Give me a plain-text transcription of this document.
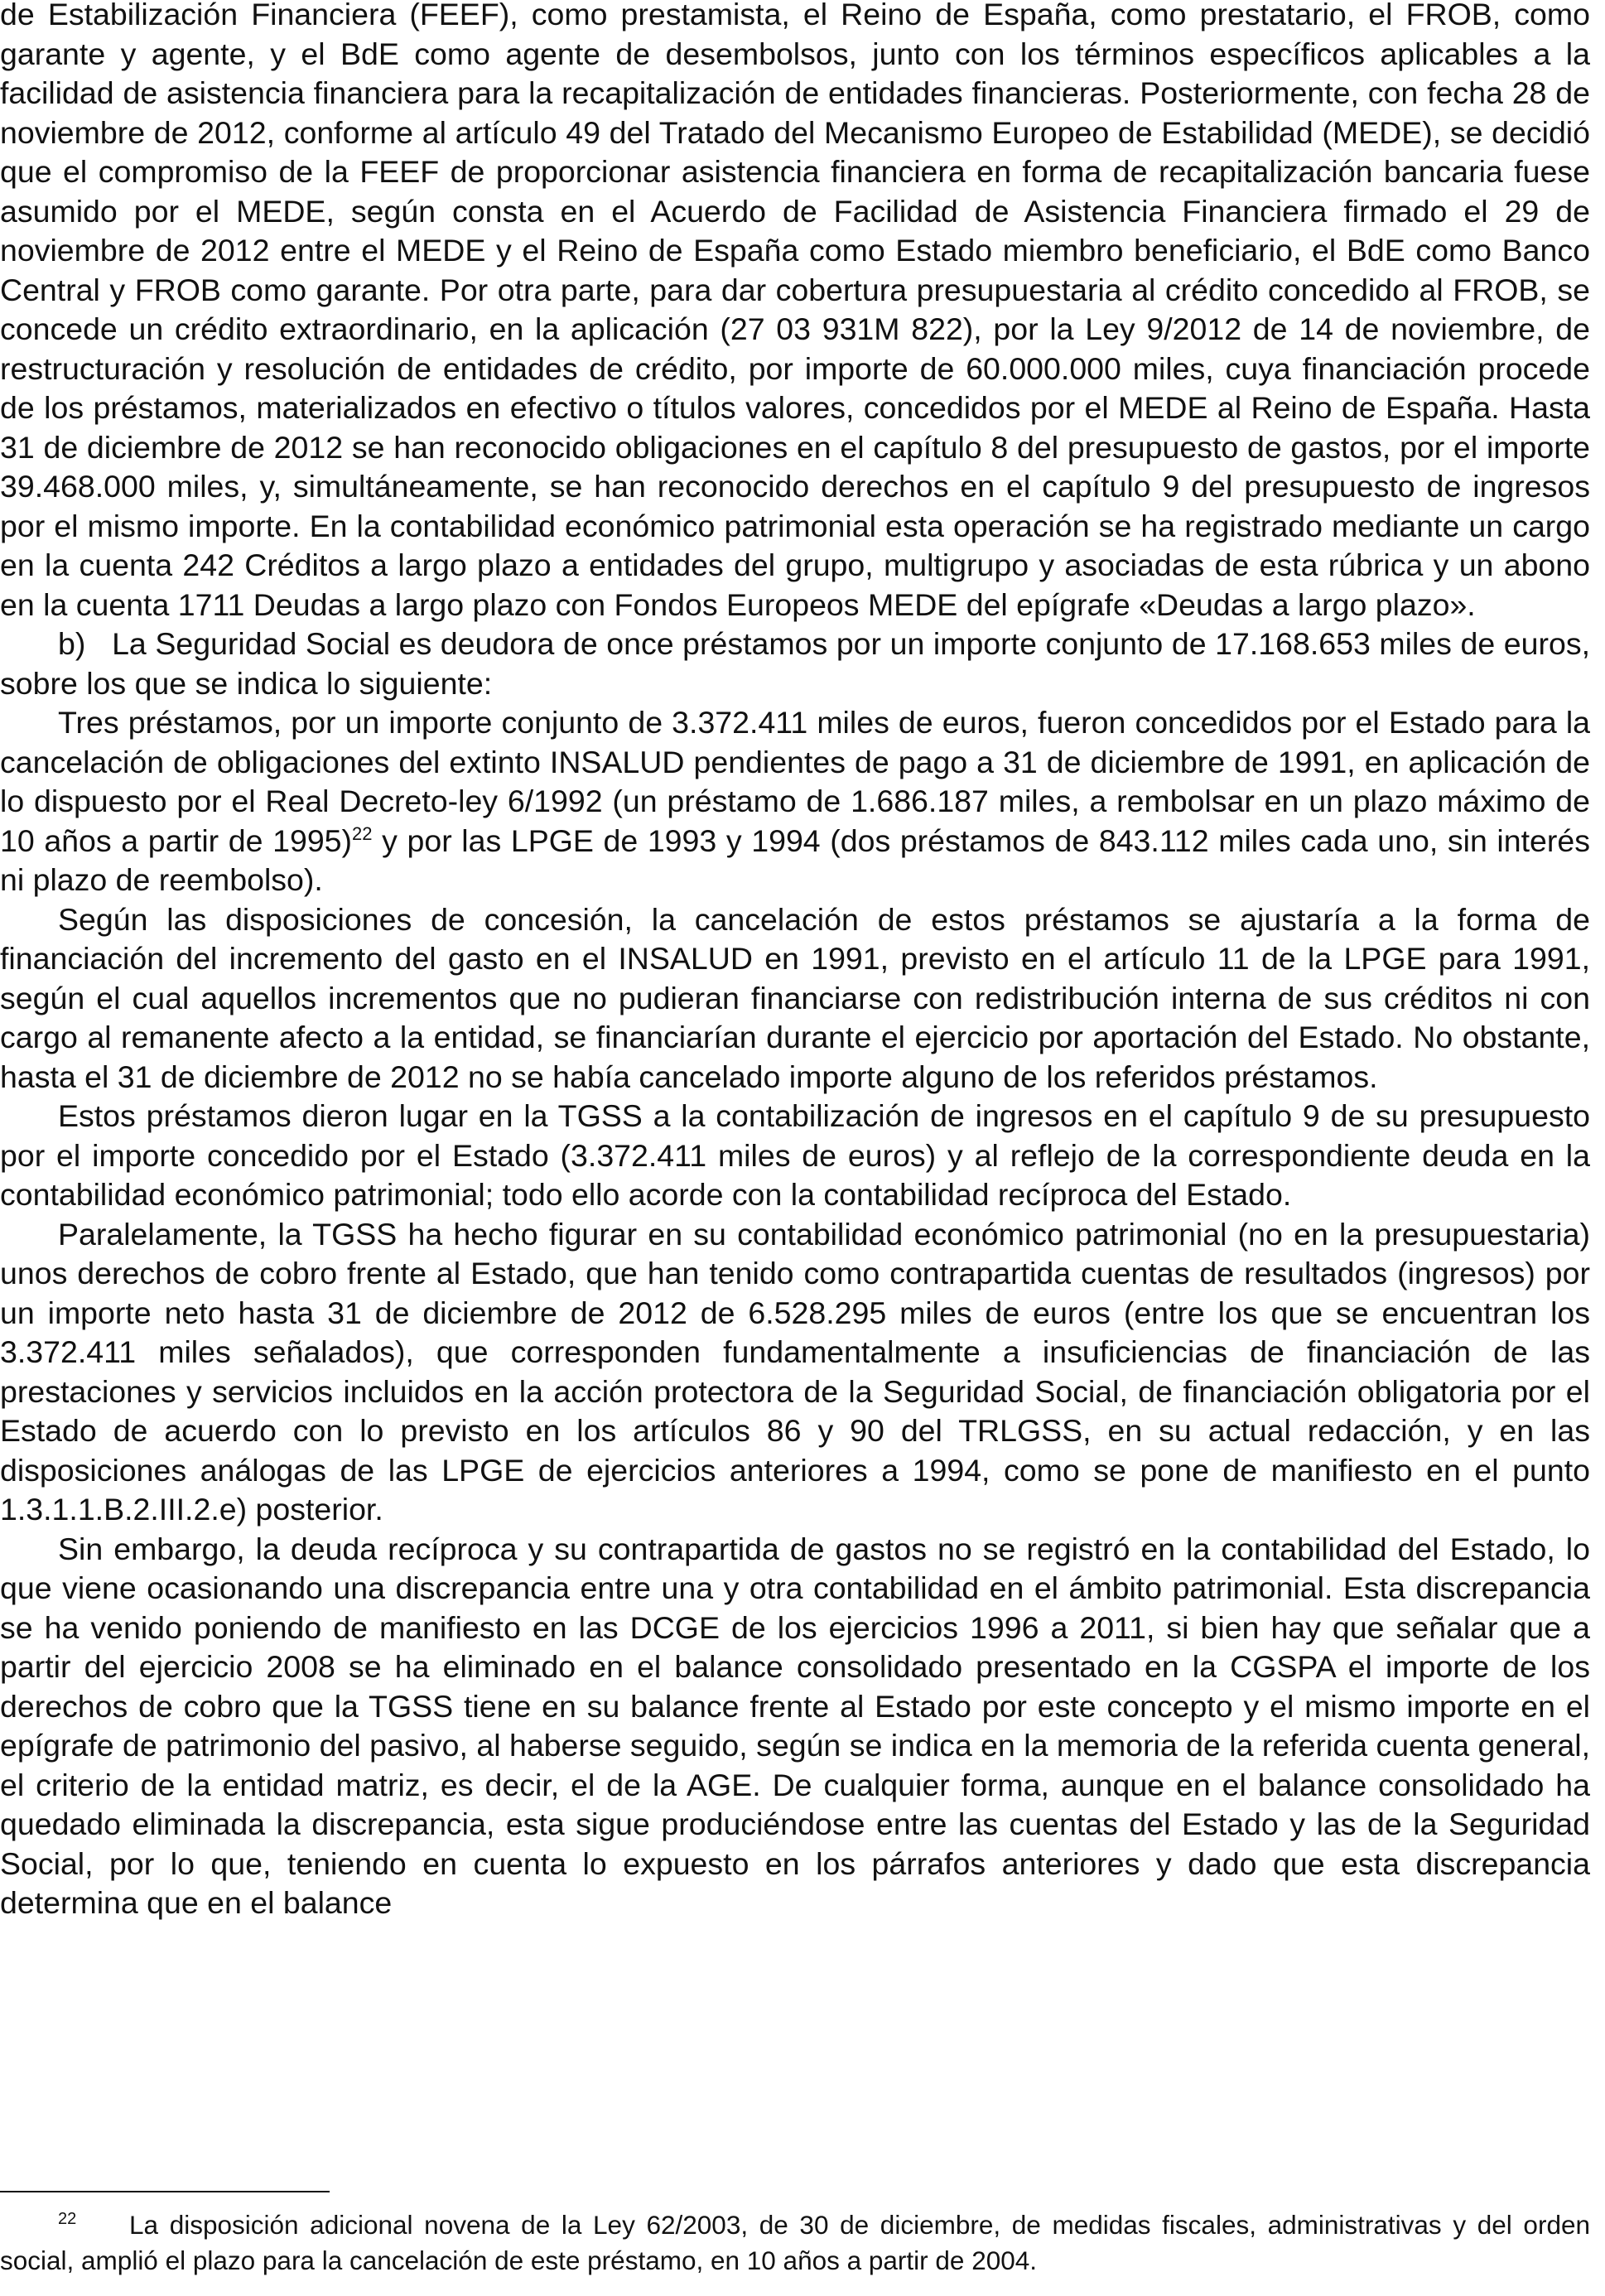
de Estabilización Financiera (FEEF), como prestamista, el Reino de España, como prestatario, el FROB, como garante y agente, y el BdE como agente de desembolsos, junto con los términos específicos aplicables a la facilidad de asistencia financiera para la recapitalización de entidades financieras. Posteriormente, con fecha 28 de noviembre de 2012, conforme al artículo 49 del Tratado del Mecanismo Europeo de Estabilidad (MEDE), se decidió que el compromiso de la FEEF de proporcionar asistencia financiera en forma de recapitalización bancaria fuese asumido por el MEDE, según consta en el Acuerdo de Facilidad de Asistencia Financiera firmado el 29 de noviembre de 2012 entre el MEDE y el Reino de España como Estado miembro beneficiario, el BdE como Banco Central y FROB como garante. Por otra parte, para dar cobertura presupuestaria al crédito concedido al FROB, se concede un crédito extraordinario, en la aplicación (27 03 931M 822), por la Ley 9/2012 de 14 de noviembre, de restructuración y resolución de entidades de crédito, por importe de 60.000.000 miles, cuya financiación procede de los préstamos, materializados en efectivo o títulos valores, concedidos por el MEDE al Reino de España. Hasta 31 de diciembre de 2012 se han reconocido obligaciones en el capítulo 8 del presupuesto de gastos, por el importe 39.468.000 miles, y, simultáneamente, se han reconocido derechos en el capítulo 9 del presupuesto de ingresos por el mismo importe. En la contabilidad económico patrimonial esta operación se ha registrado mediante un cargo en la cuenta 242 Créditos a largo plazo a entidades del grupo, multigrupo y asociadas de esta rúbrica y un abono en la cuenta 1711 Deudas a largo plazo con Fondos Europeos MEDE del epígrafe «Deudas a largo plazo».

b)   La Seguridad Social es deudora de once préstamos por un importe conjunto de 17.168.653 miles de euros, sobre los que se indica lo siguiente:

Tres préstamos, por un importe conjunto de 3.372.411 miles de euros, fueron concedidos por el Estado para la cancelación de obligaciones del extinto INSALUD pendientes de pago a 31 de diciembre de 1991, en aplicación de lo dispuesto por el Real Decreto-ley 6/1992 (un préstamo de 1.686.187 miles, a rembolsar en un plazo máximo de 10 años a partir de 1995)$^{22}$ y por las LPGE de 1993 y 1994 (dos préstamos de 843.112 miles cada uno, sin interés ni plazo de reembolso).

Según las disposiciones de concesión, la cancelación de estos préstamos se ajustaría a la forma de financiación del incremento del gasto en el INSALUD en 1991, previsto en el artículo 11 de la LPGE para 1991, según el cual aquellos incrementos que no pudieran financiarse con redistribución interna de sus créditos ni con cargo al remanente afecto a la entidad, se financiarían durante el ejercicio por aportación del Estado. No obstante, hasta el 31 de diciembre de 2012 no se había cancelado importe alguno de los referidos préstamos.

Estos préstamos dieron lugar en la TGSS a la contabilización de ingresos en el capítulo 9 de su presupuesto por el importe concedido por el Estado (3.372.411 miles de euros) y al reflejo de la correspondiente deuda en la contabilidad económico patrimonial; todo ello acorde con la contabilidad recíproca del Estado.

Paralelamente, la TGSS ha hecho figurar en su contabilidad económico patrimonial (no en la presupuestaria) unos derechos de cobro frente al Estado, que han tenido como contrapartida cuentas de resultados (ingresos) por un importe neto hasta 31 de diciembre de 2012 de 6.528.295 miles de euros (entre los que se encuentran los 3.372.411 miles señalados), que corresponden fundamentalmente a insuficiencias de financiación de las prestaciones y servicios incluidos en la acción protectora de la Seguridad Social, de financiación obligatoria por el Estado de acuerdo con lo previsto en los artículos 86 y 90 del TRLGSS, en su actual redacción, y en las disposiciones análogas de las LPGE de ejercicios anteriores a 1994, como se pone de manifiesto en el punto 1.3.1.1.B.2.III.2.e) posterior.

Sin embargo, la deuda recíproca y su contrapartida de gastos no se registró en la contabilidad del Estado, lo que viene ocasionando una discrepancia entre una y otra contabilidad en el ámbito patrimonial. Esta discrepancia se ha venido poniendo de manifiesto en las DCGE de los ejercicios 1996 a 2011, si bien hay que señalar que a partir del ejercicio 2008 se ha eliminado en el balance consolidado presentado en la CGSPA el importe de los derechos de cobro que la TGSS tiene en su balance frente al Estado por este concepto y el mismo importe en el epígrafe de patrimonio del pasivo, al haberse seguido, según se indica en la memoria de la referida cuenta general, el criterio de la entidad matriz, es decir, el de la AGE. De cualquier forma, aunque en el balance consolidado ha quedado eliminada la discrepancia, esta sigue produciéndose entre las cuentas del Estado y las de la Seguridad Social, por lo que, teniendo en cuenta lo expuesto en los párrafos anteriores y dado que esta discrepancia determina que en el balance

22 La disposición adicional novena de la Ley 62/2003, de 30 de diciembre, de medidas fiscales, administrativas y del orden social, amplió el plazo para la cancelación de este préstamo, en 10 años a partir de 2004.
